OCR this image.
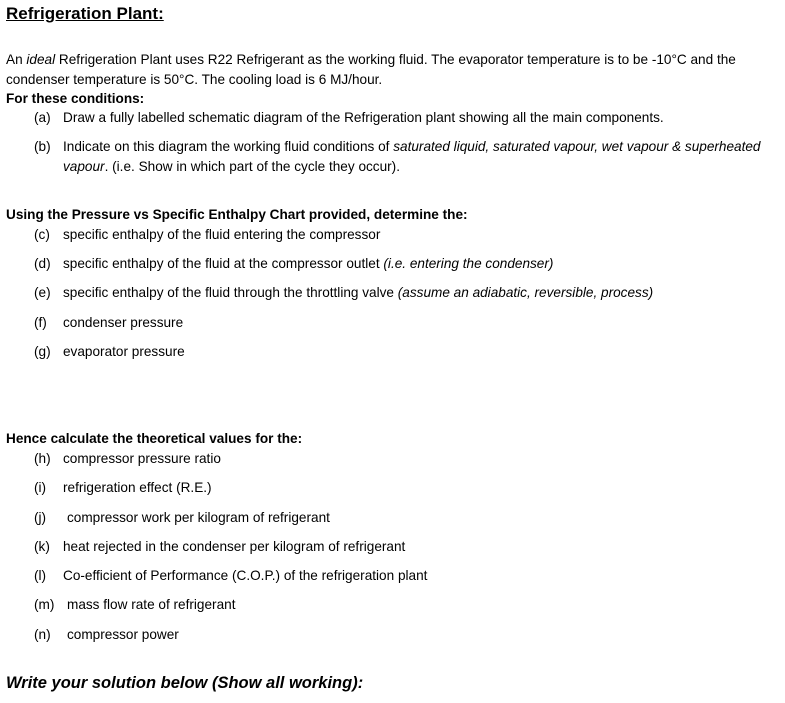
Refrigeration Plant:
An ideal Refrigeration Plant uses R22 Refrigerant as the working fluid. The evaporator temperature is to be -10°C and the condenser temperature is 50°C. The cooling load is 6 MJ/hour.
For these conditions:
(a) Draw a fully labelled schematic diagram of the Refrigeration plant showing all the main components.
(b) Indicate on this diagram the working fluid conditions of saturated liquid, saturated vapour, wet vapour & superheated vapour. (i.e. Show in which part of the cycle they occur).
Using the Pressure vs Specific Enthalpy Chart provided, determine the:
(c) specific enthalpy of the fluid entering the compressor
(d) specific enthalpy of the fluid at the compressor outlet (i.e. entering the condenser)
(e) specific enthalpy of the fluid through the throttling valve (assume an adiabatic, reversible, process)
(f) condenser pressure
(g) evaporator pressure
Hence calculate the theoretical values for the:
(h) compressor pressure ratio
(i) refrigeration effect (R.E.)
(j) compressor work per kilogram of refrigerant
(k) heat rejected in the condenser per kilogram of refrigerant
(l) Co-efficient of Performance (C.O.P.) of the refrigeration plant
(m) mass flow rate of refrigerant
(n) compressor power
Write your solution below (Show all working):
